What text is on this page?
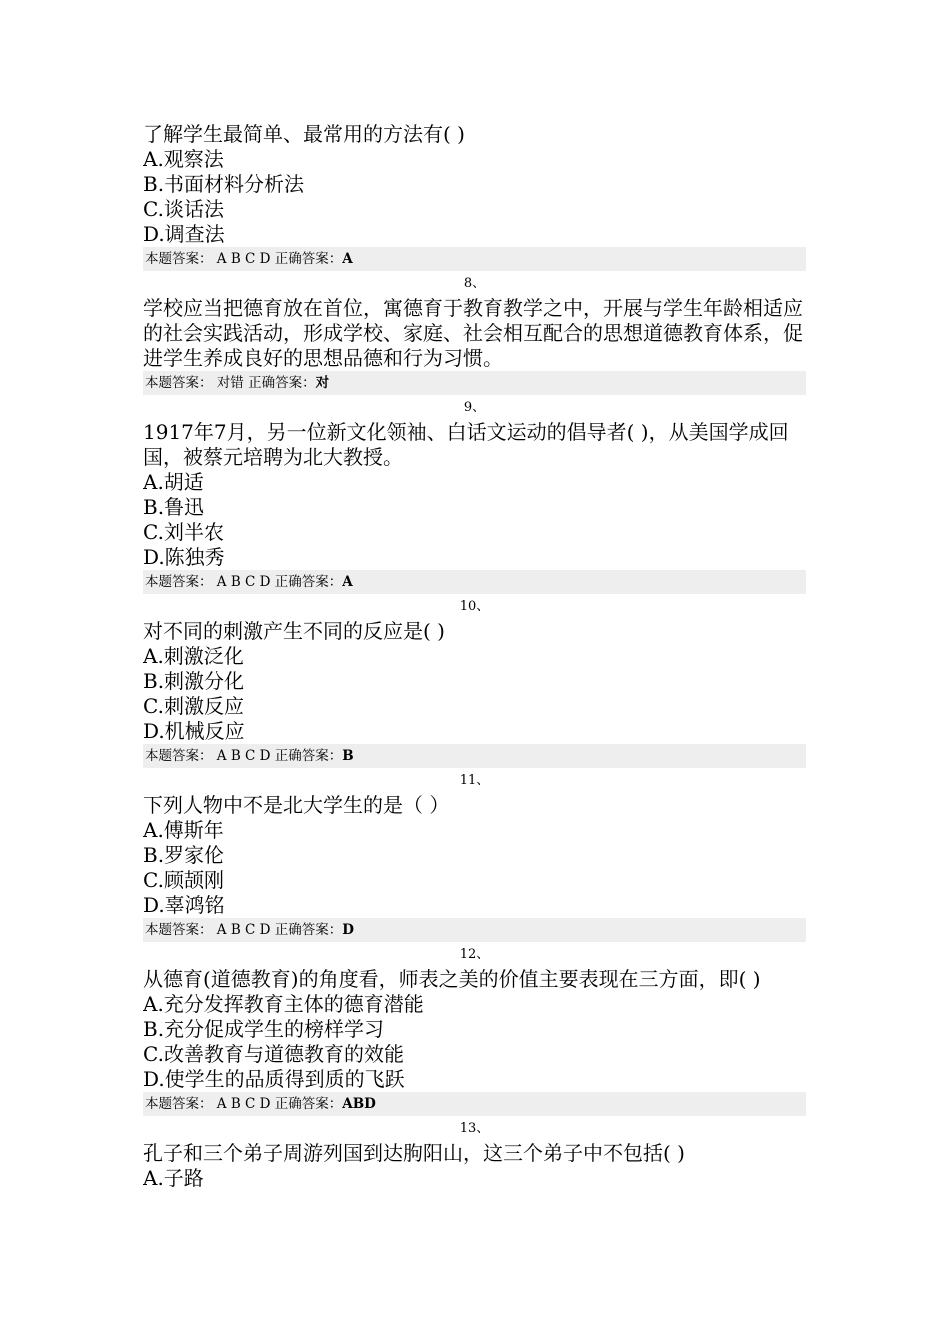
了解学生最简单、最常用的方法有( )
A.观察法
B.书面材料分析法
C.谈话法
D.调查法
本题答案： A B C D 正确答案：A
8、
学校应当把德育放在首位，寓德育于教育教学之中，开展与学生年龄相适应的社会实践活动，形成学校、家庭、社会相互配合的思想道德教育体系，促进学生养成良好的思想品德和行为习惯。
本题答案： 对错 正确答案：对
9、
1917年7月，另一位新文化领袖、白话文运动的倡导者( )，从美国学成回国，被蔡元培聘为北大教授。
A.胡适
B.鲁迅
C.刘半农
D.陈独秀
本题答案： A B C D 正确答案：A
10、
对不同的刺激产生不同的反应是( )
A.刺激泛化
B.刺激分化
C.刺激反应
D.机械反应
本题答案： A B C D 正确答案：B
11、
下列人物中不是北大学生的是（ ）
A.傅斯年
B.罗家伦
C.顾颉刚
D.辜鸿铭
本题答案： A B C D 正确答案：D
12、
从德育(道德教育)的角度看，师表之美的价值主要表现在三方面，即( )
A.充分发挥教育主体的德育潜能
B.充分促成学生的榜样学习
C.改善教育与道德教育的效能
D.使学生的品质得到质的飞跃
本题答案： A B C D 正确答案：ABD
13、
孔子和三个弟子周游列国到达朐阳山，这三个弟子中不包括( )
A.子路
